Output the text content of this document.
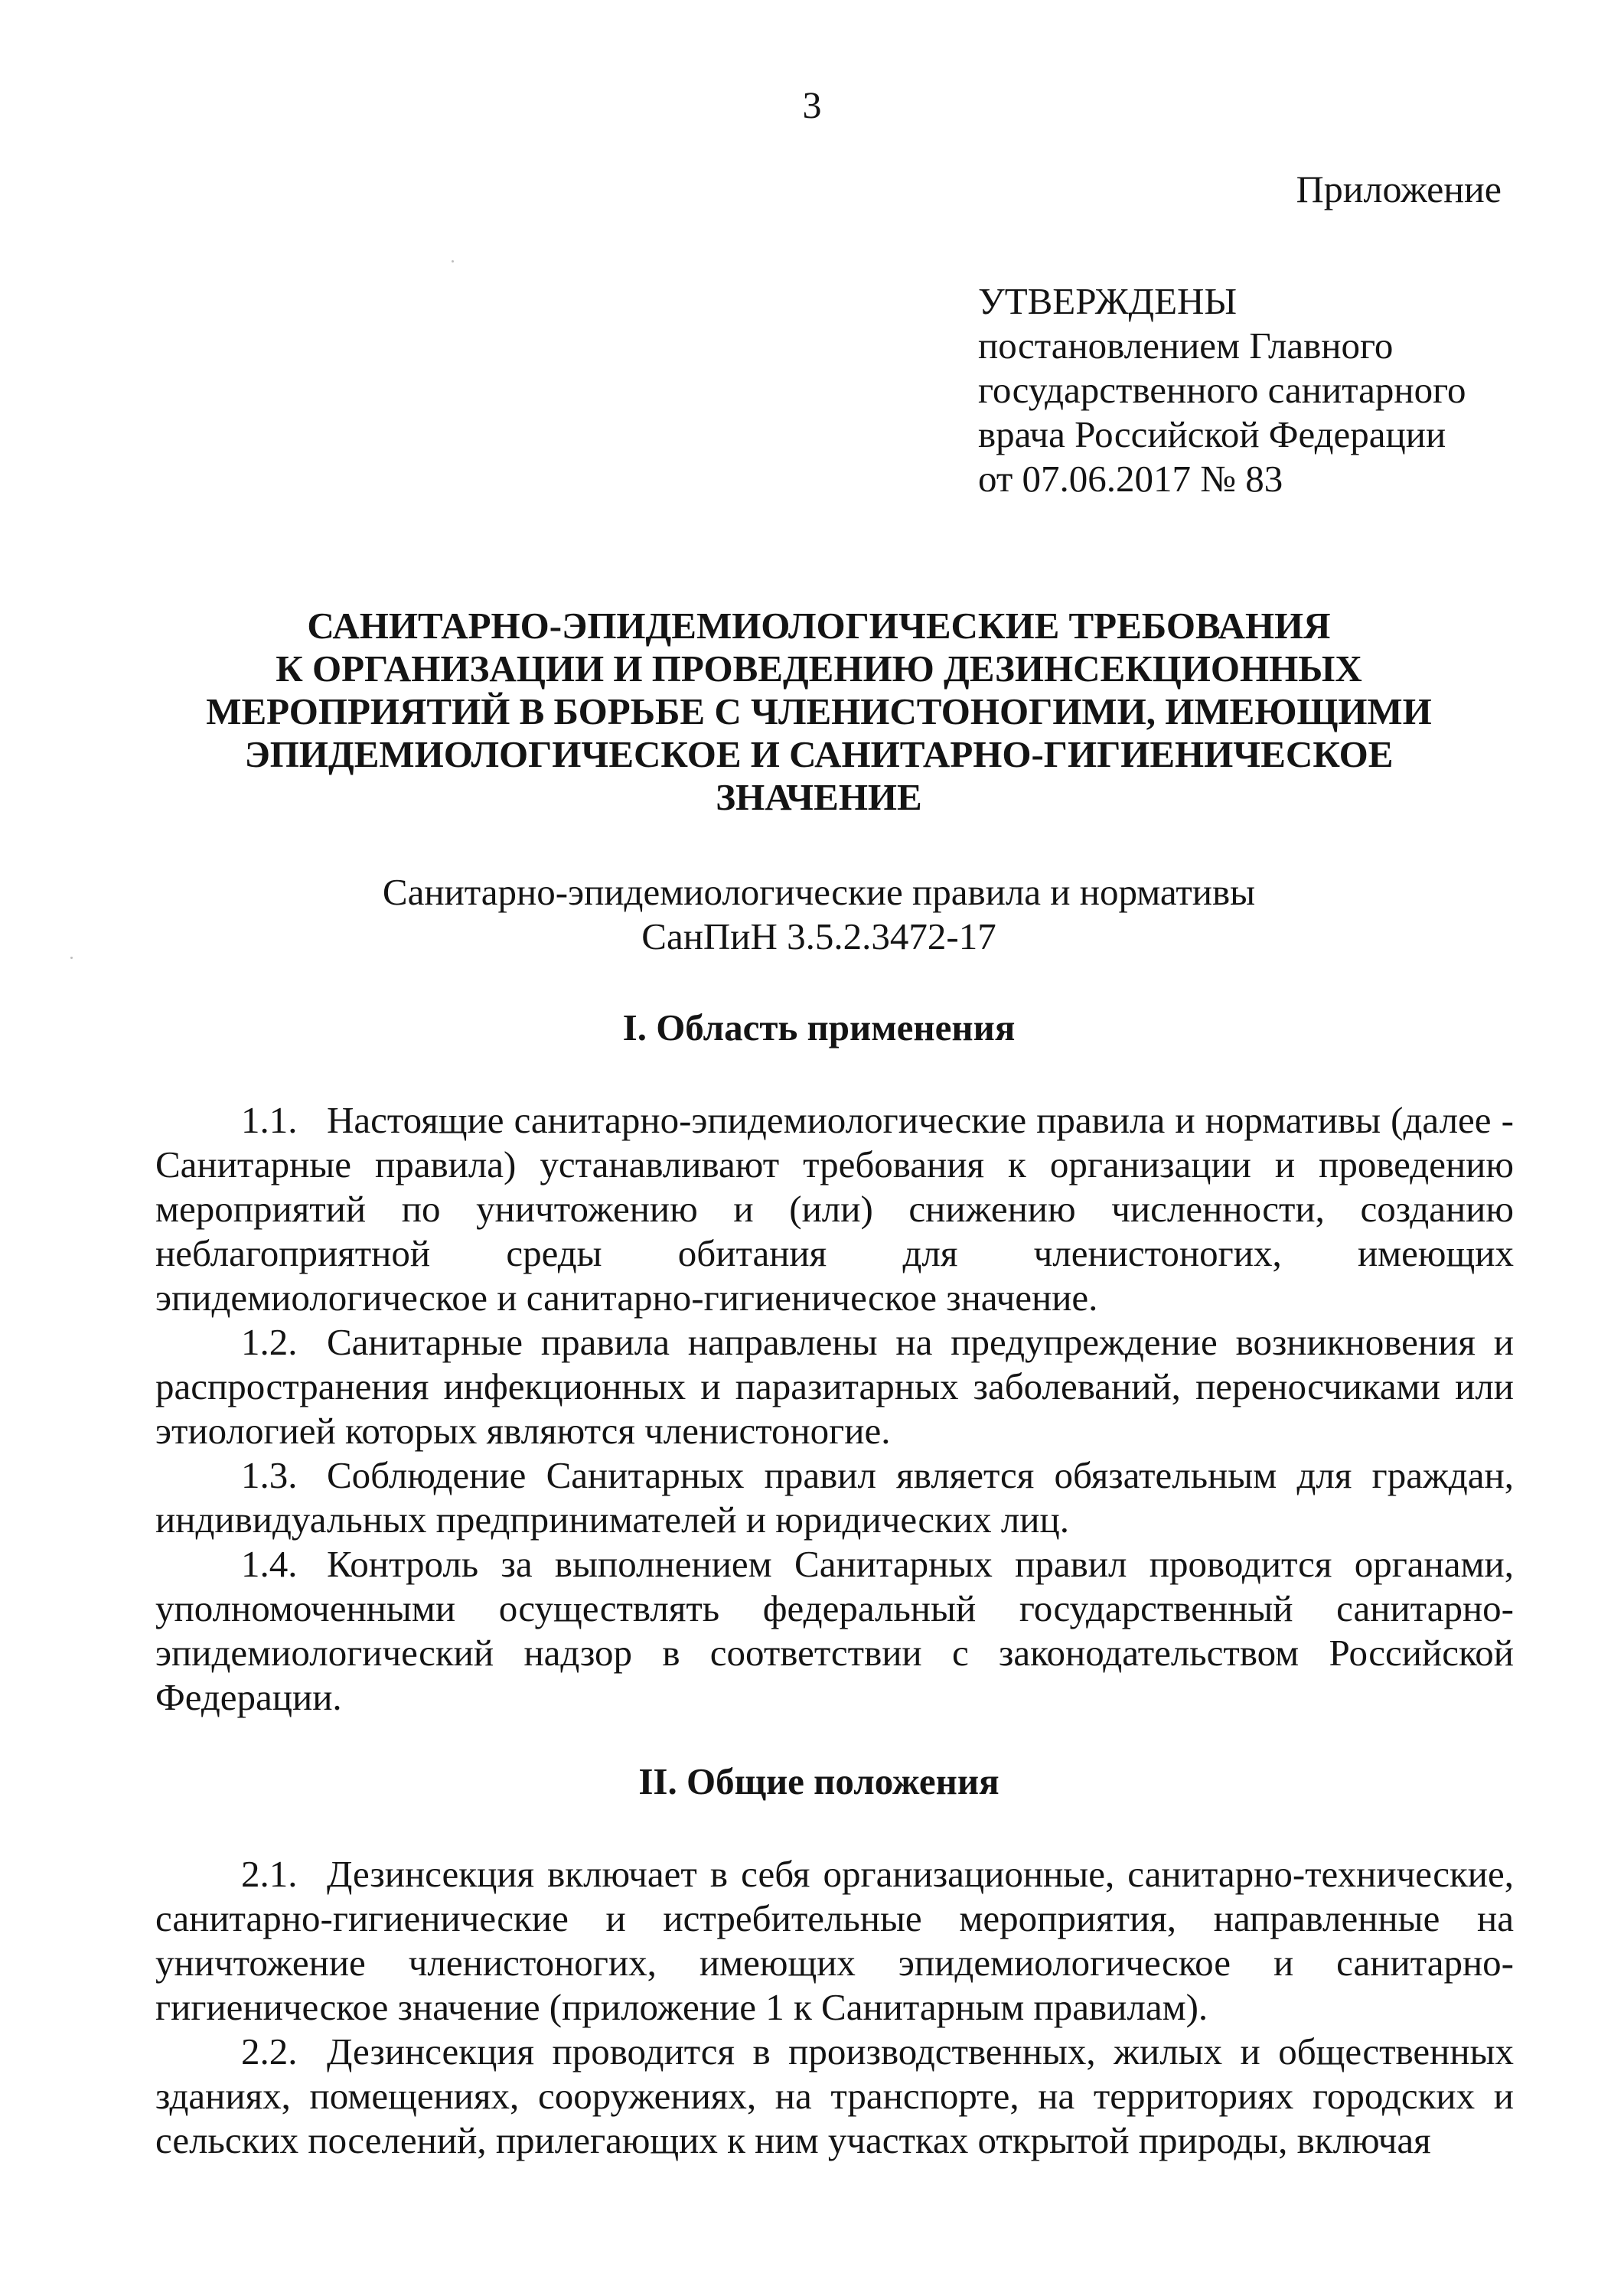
3
Приложение
УТВЕРЖДЕНЫ
постановлением Главного
государственного санитарного
врача Российской Федерации
от 07.06.2017 № 83
САНИТАРНО-ЭПИДЕМИОЛОГИЧЕСКИЕ ТРЕБОВАНИЯ
К ОРГАНИЗАЦИИ И ПРОВЕДЕНИЮ ДЕЗИНСЕКЦИОННЫХ
МЕРОПРИЯТИЙ В БОРЬБЕ С ЧЛЕНИСТОНОГИМИ, ИМЕЮЩИМИ
ЭПИДЕМИОЛОГИЧЕСКОЕ И САНИТАРНО-ГИГИЕНИЧЕСКОЕ
ЗНАЧЕНИЕ
Санитарно-эпидемиологические правила и нормативы
СанПиН 3.5.2.3472-17
I. Область применения

1.1. Настоящие санитарно-эпидемиологические правила и нормативы (далее - Санитарные правила) устанавливают требования к организации и проведению мероприятий по уничтожению и (или) снижению численности, созданию неблагоприятной среды обитания для членистоногих, имеющих эпидемиологическое и санитарно-гигиеническое значение.

1.2. Санитарные правила направлены на предупреждение возникновения и распространения инфекционных и паразитарных заболеваний, переносчиками или этиологией которых являются членистоногие.

1.3. Соблюдение Санитарных правил является обязательным для граждан, индивидуальных предпринимателей и юридических лиц.

1.4. Контроль за выполнением Санитарных правил проводится органами, уполномоченными осуществлять федеральный государственный санитарно-эпидемиологический надзор в соответствии с законодательством Российской Федерации.

II. Общие положения

2.1. Дезинсекция включает в себя организационные, санитарно-технические, санитарно-гигиенические и истребительные мероприятия, направленные на уничтожение членистоногих, имеющих эпидемиологическое и санитарно-гигиеническое значение (приложение 1 к Санитарным правилам).

2.2. Дезинсекция проводится в производственных, жилых и общественных зданиях, помещениях, сооружениях, на транспорте, на территориях городских и сельских поселений, прилегающих к ним участках открытой природы, включая
